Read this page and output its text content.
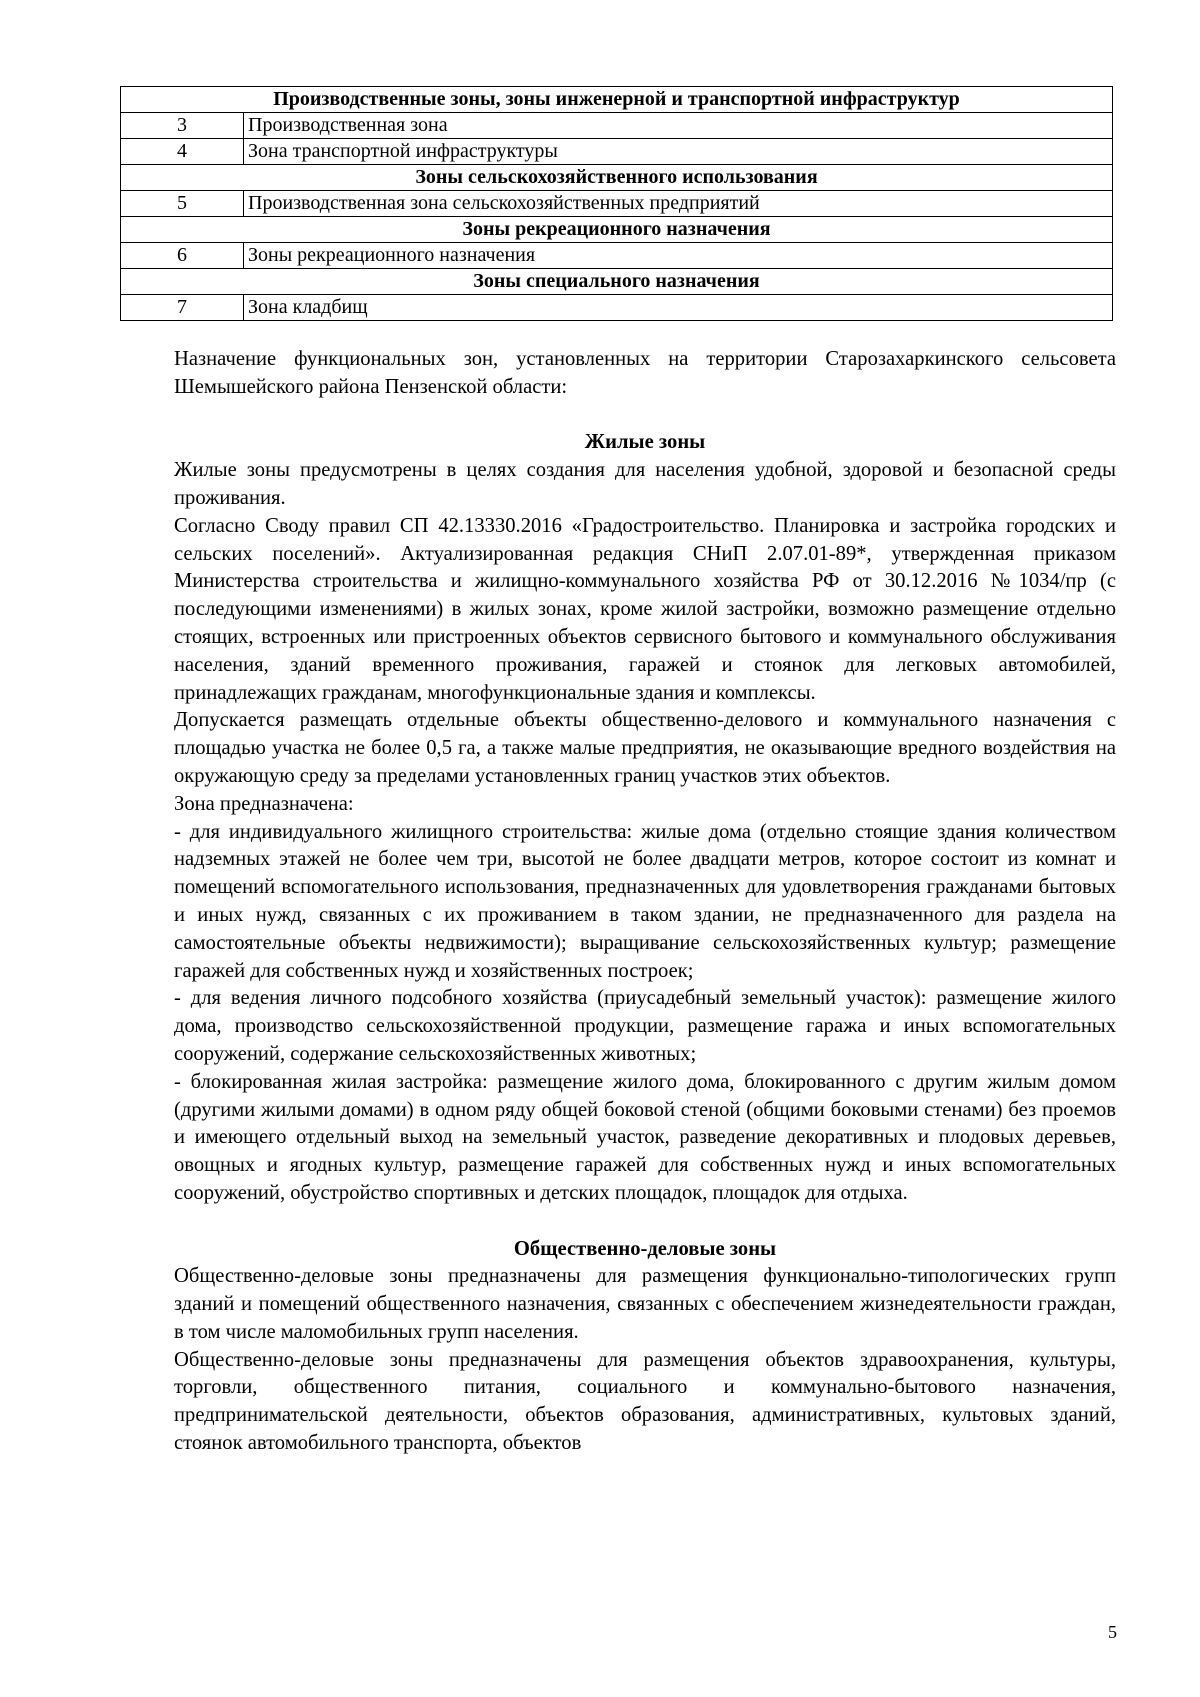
Производственные зоны, зоны инженерной и транспортной инфраструктур	
3	Производственная зона
4	Зона транспортной инфраструктуры
Зоны сельскохозяйственного использования	
5	Производственная зона сельскохозяйственных предприятий
Зоны рекреационного назначения	
6	Зоны рекреационного назначения
Зоны специального назначения	
7	Зона кладбищ

Назначение функциональных зон, установленных на территории Старозахаркинского сельсовета Шемышейского района Пензенской области:

Жилые зоны

Жилые зоны предусмотрены в целях создания для населения удобной, здоровой и безопасной среды проживания.

Согласно Своду правил СП 42.13330.2016 «Градостроительство. Планировка и застройка городских и сельских поселений». Актуализированная редакция СНиП 2.07.01-89*, утвержденная приказом Министерства строительства и жилищно-коммунального хозяйства РФ от 30.12.2016 №1034/пр (с последующими изменениями) в жилых зонах, кроме жилой застройки, возможно размещение отдельно стоящих, встроенных или пристроенных объектов сервисного бытового и коммунального обслуживания населения, зданий временного проживания, гаражей и стоянок для легковых автомобилей, принадлежащих гражданам, многофункциональные здания и комплексы.

Допускается размещать отдельные объекты общественно-делового и коммунального назначения с площадью участка не более 0,5 га, а также малые предприятия, не оказывающие вредного воздействия на окружающую среду за пределами установленных границ участков этих объектов.

Зона предназначена:

- для индивидуального жилищного строительства: жилые дома (отдельно стоящие здания количеством надземных этажей не более чем три, высотой не более двадцати метров, которое состоит из комнат и помещений вспомогательного использования, предназначенных для удовлетворения гражданами бытовых и иных нужд, связанных с их проживанием в таком здании, не предназначенного для раздела на самостоятельные объекты недвижимости); выращивание сельскохозяйственных культур; размещение гаражей для собственных нужд и хозяйственных построек;

- для ведения личного подсобного хозяйства (приусадебный земельный участок): размещение жилого дома, производство сельскохозяйственной продукции, размещение гаража и иных вспомогательных сооружений, содержание сельскохозяйственных животных;

- блокированная жилая застройка: размещение жилого дома, блокированного с другим жилым домом (другими жилыми домами) в одном ряду общей боковой стеной (общими боковыми стенами) без проемов и имеющего отдельный выход на земельный участок, разведение декоративных и плодовых деревьев, овощных и ягодных культур, размещение гаражей для собственных нужд и иных вспомогательных сооружений, обустройство спортивных и детских площадок, площадок для отдыха.

Общественно-деловые зоны

Общественно-деловые зоны предназначены для размещения функционально-типологических групп зданий и помещений общественного назначения, связанных с обеспечением жизнедеятельности граждан, в том числе маломобильных групп населения.

Общественно-деловые зоны предназначены для размещения объектов здравоохранения, культуры, торговли, общественного питания, социального и коммунально-бытового назначения, предпринимательской деятельности, объектов образования, административных, культовых зданий, стоянок автомобильного транспорта, объектов

5
